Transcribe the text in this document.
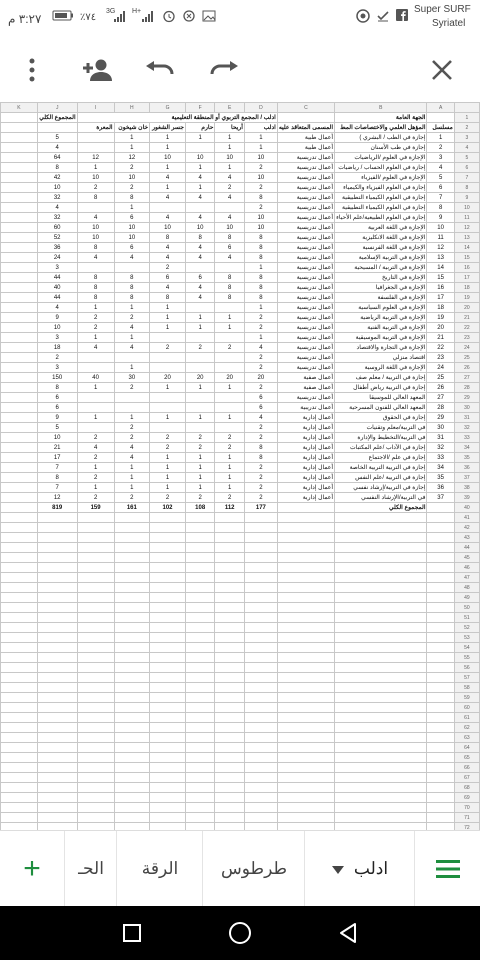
٣:٢٧ م	٪٧٤
3G H+	Super SURF
Syriatel
K	J	I	H	G	F	E	D	C	B	A	
	المجموع الكلي	ادلب / المجمع التربوي أو المنطقة التعليمية							الجهة العامة		1
		المعرة	خان شيخون	جسر الشغور	حارم	أريحا	ادلب	المسمى المتعاقد عليه	المؤهل العلمي والاختصاصات المط	مسلسل	2
	5		1	1	1	1	1	أعمال طبية	إجازة في الطب / البشري )	1	3
	4		1	1		1	1	أعمال طبية	إجازة في طب الأسنان	2	4
	64	12	12	10	10	10	10	أعمال تدريسية	الإجازة في العلوم /الرياضيات	3	5
	8	1	2	1	1	1	2	أعمال تدريسية	إجازة في العلوم الحساب / رياضيات	4	6
	42	10	10	4	4	4	10	أعمال تدريسية	الإجازة في العلوم /الفيزياء	5	7
	10	2	2	1	1	2	2	أعمال تدريسية	إجازة في العلوم الفيزياء والكيمياء	6	8
	32	8	8	4	4	4	8	أعمال تدريسية	إجازة في العلوم الكيمياء التطبيقية	7	9
	4		1				2	أعمال تدريسية	إجازة في العلوم الكيمياء التطبيقية	8	10
	32	4	6	4	4	4	10	أعمال تدريسية	إجازة في العلوم الطبيعية/علم الأحياء	9	11
	60	10	10	10	10	10	10	أعمال تدريسية	الإجازة في اللغة العربية	10	12
	52	10	10	8	8	8	8	أعمال تدريسية	الإجازة في اللغة الانكليزية	11	13
	36	8	6	4	4	6	8	أعمال تدريسية	الإجازة في اللغة الفرنسية	12	14
	24	4	4	4	4	4	8	أعمال تدريسية	الإجازة في التربية الإسلامية	13	15
	3			2			1	أعمال تدريسية	الإجازة في التربية / المسيحية	14	16
	44	8	8	6	6	8	8	أعمال تدريسية	الإجازة في التاريخ	15	17
	40	8	8	4	4	8	8	أعمال تدريسية	الإجازة في الجغرافيا	16	18
	44	8	8	8	4	8	8	أعمال تدريسية	الإجازة في الفلسفة	17	19
	4	1	1	1			1	أعمال تدريسية	الإجازة في العلوم السياسية	18	20
	9	2	2	1	1	1	2	أعمال تدريسية	الإجازة في التربية الرياضية	19	21
	10	2	4	1	1	1	2	أعمال تدريسية	الإجازة في التربية الفنية	20	22
	3	1	1				1	أعمال تدريسية	الإجازة في التربية الموسيقية	21	23
	18	4	4	2	2	2	4	أعمال تدريسية	الإجازة في التجارة والاقتصاد	22	24
	2						2	أعمال تدريسية	اقتصاد منزلي	23	25
	3		1				2	أعمال تدريسية	الإجازة في اللغة الروسية	24	26
	150	40	30	20	20	20	20	أعمال صفية	إجازة في التربية / معلم صف	25	27
	8	1	2	1	1	1	2	أعمال صفية	إجازة في التربية رياض أطفال	26	28
	6						6	أعمال تدريسية	المعهد العالي للموسيقا	27	29
	6						6	أعمال تدريبية	المعهد العالي للفنون المسرحية	28	30
	9	1	1	1	1	1	4	أعمال إدارية	إجازة في الحقوق	29	31
	5		2				2	أعمال إدارية	في التربية/معلم وتقنيات	30	32
	10	2	2	2	2	2	2	أعمال إدارية	في التربية/التخطيط والإدارة	31	33
	21	4	4	2	2	2	8	أعمال إدارية	إجازة في الآداب /علم المكتبات	32	34
	17	2	4	1	1	1	8	أعمال إدارية	إجازة في علم /الاجتماع	33	35
	7	1	1	1	1	1	2	أعمال إدارية	إجازة في التربية التربية الخاصة	34	36
	8	2	1	1	1	1	2	أعمال إدارية	إجازة في التربية /علم النفس	35	37
	7	1	1	1	1	1	2	أعمال إدارية	إجازة في التربية/إرشاد نفسي	36	38
	12	2	2	2	2	2	2	أعمال إدارية	في التربية/الإرشاد النفسي	37	39
	819	159	161	102	108	112	177		المجموع الكلي		40
											41
											42
											43
											44
											45
											46
											47
											48
											49
											50
											51
											52
											53
											54
											55
											56
											57
											58
											59
											60
											61
											62
											63
											64
											65
											66
											67
											68
											69
											70
											71
											72
+	الحـ	الرقة	طرطوس	ادلب
